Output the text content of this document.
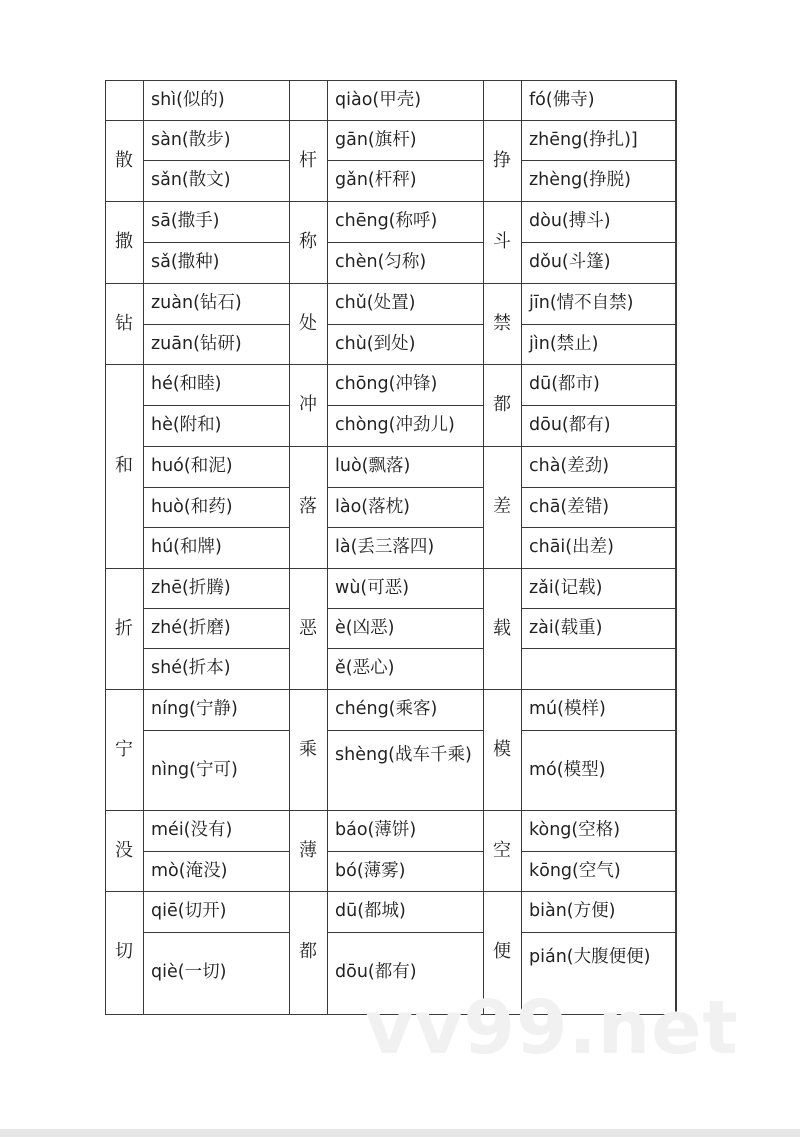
shì(似的)
散
sàn(散步)
sǎn(散文)
撒
sā(撒手)
sǎ(撒种)
钻
zuàn(钻石)
zuān(钻研)
和
hé(和睦)
hè(附和)
huó(和泥)
huò(和药)
hú(和牌)
折
zhē(折腾)
zhé(折磨)
shé(折本)
宁
níng(宁静)
nìng(宁可)
没
méi(没有)
mò(淹没)
切
qiē(切开)
qiè(一切)
qiào(甲壳)
杆
gān(旗杆)
gǎn(杆秤)
称
chēng(称呼)
chèn(匀称)
处
chǔ(处置)
chù(到处)
冲
chōng(冲锋)
chòng(冲劲儿)
落
luò(飘落)
lào(落枕)
là(丢三落四)
恶
wù(可恶)
è(凶恶)
ě(恶心)
乘
chéng(乘客)
shèng(战车千乘)
薄
báo(薄饼)
bó(薄雾)
都
dū(都城)
dōu(都有)
fó(佛寺)
挣
zhēng(挣扎)]
zhèng(挣脱)
斗
dòu(搏斗)
dǒu(斗篷)
禁
jīn(情不自禁)
jìn(禁止)
都
dū(都市)
dōu(都有)
差
chà(差劲)
chā(差错)
chāi(出差)
载
zǎi(记载)
zài(载重)
模
mú(模样)
mó(模型)
空
kòng(空格)
kōng(空气)
便
biàn(方便)
pián(大腹便便)
vv99.net
